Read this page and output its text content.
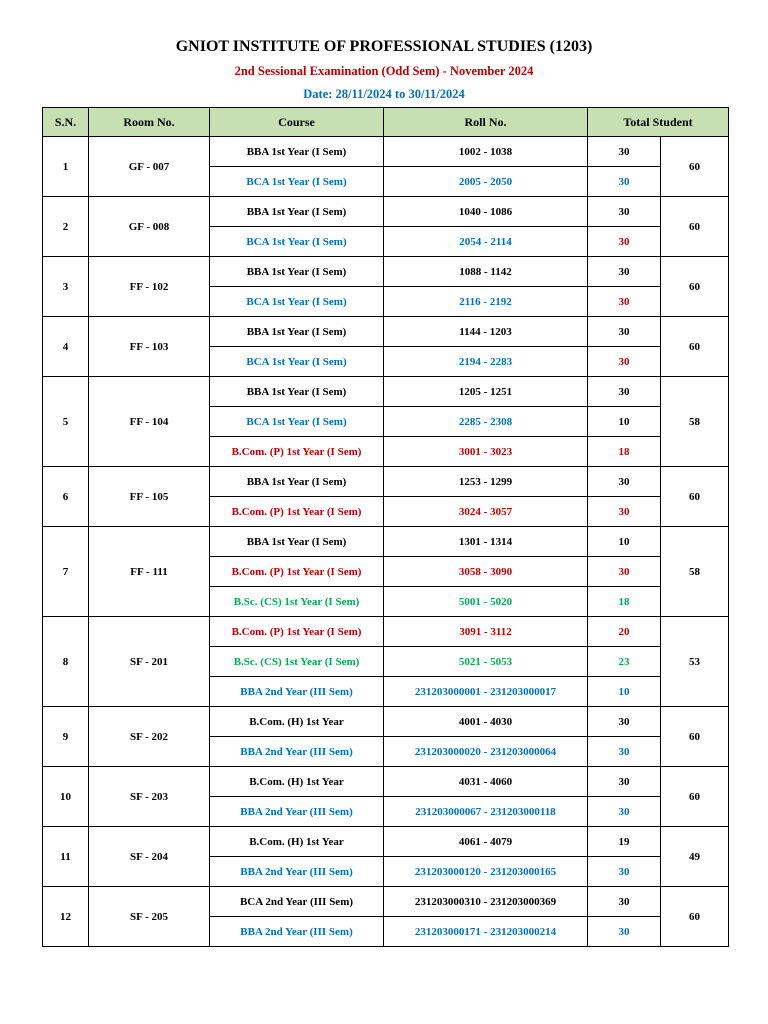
GNIOT INSTITUTE OF PROFESSIONAL STUDIES (1203)
2nd Sessional Examination (Odd Sem) - November 2024
Date: 28/11/2024 to 30/11/2024
S.N.	Room No.	Course	Roll No.	Total Student	
1	GF - 007	BBA 1st Year (I Sem)	1002 - 1038	30	60
		BCA 1st Year (I Sem)	2005 - 2050	30	
2	GF - 008	BBA 1st Year (I Sem)	1040 - 1086	30	60
		BCA 1st Year (I Sem)	2054 - 2114	30	
3	FF - 102	BBA 1st Year (I Sem)	1088 - 1142	30	60
		BCA 1st Year (I Sem)	2116 - 2192	30	
4	FF - 103	BBA 1st Year (I Sem)	1144 - 1203	30	60
		BCA 1st Year (I Sem)	2194 - 2283	30	
5	FF - 104	BBA 1st Year (I Sem)	1205 - 1251	30	58
		BCA 1st Year (I Sem)	2285 - 2308	10	
		B.Com. (P) 1st Year (I Sem)	3001 - 3023	18	
6	FF - 105	BBA 1st Year (I Sem)	1253 - 1299	30	60
		B.Com. (P) 1st Year (I Sem)	3024 - 3057	30	
7	FF - 111	BBA 1st Year (I Sem)	1301 - 1314	10	58
		B.Com. (P) 1st Year (I Sem)	3058 - 3090	30	
		B.Sc. (CS) 1st Year (I Sem)	5001 - 5020	18	
8	SF - 201	B.Com. (P) 1st Year (I Sem)	3091 - 3112	20	53
		B.Sc. (CS) 1st Year (I Sem)	5021 - 5053	23	
		BBA 2nd Year (III Sem)	231203000001 - 231203000017	10	
9	SF - 202	B.Com. (H) 1st Year	4001 - 4030	30	60
		BBA 2nd Year (III Sem)	231203000020 - 231203000064	30	
10	SF - 203	B.Com. (H) 1st Year	4031 - 4060	30	60
		BBA 2nd Year (III Sem)	231203000067 - 231203000118	30	
11	SF - 204	B.Com. (H) 1st Year	4061 - 4079	19	49
		BBA 2nd Year (III Sem)	231203000120 - 231203000165	30	
12	SF - 205	BCA 2nd Year (III Sem)	231203000310 - 231203000369	30	60
		BBA 2nd Year (III Sem)	231203000171 - 231203000214	30	
